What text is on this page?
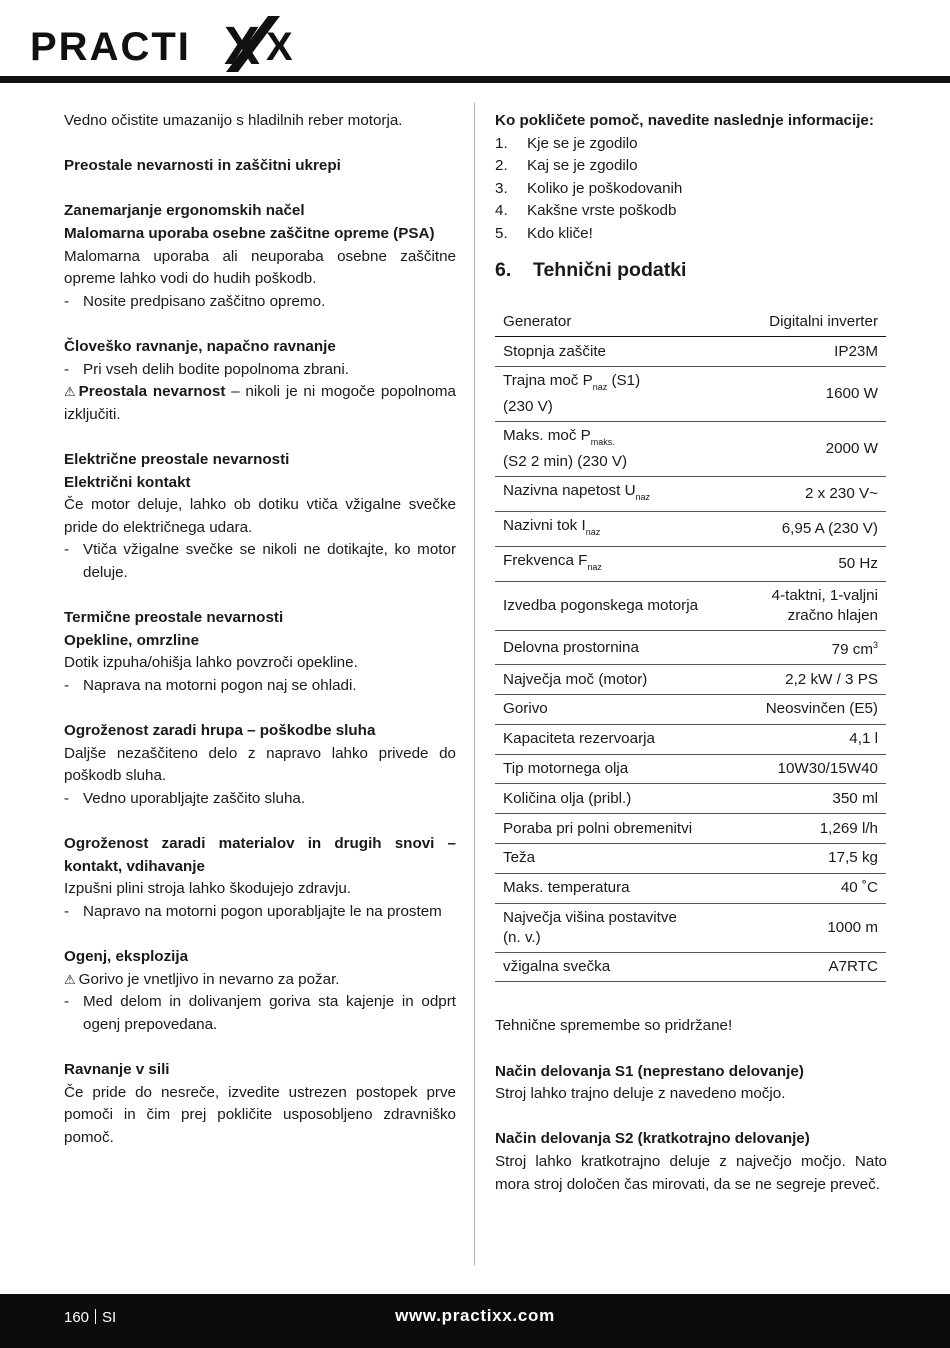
PRACTI X X
Vedno očistite umazanijo s hladilnih reber motorja.
Preostale nevarnosti in zaščitni ukrepi
Zanemarjanje ergonomskih načel
Malomarna uporaba osebne zaščitne opreme (PSA)
Malomarna uporaba ali neuporaba osebne zaščitne opreme lahko vodi do hudih poškodb.
- Nosite predpisano zaščitno opremo.
Človeško ravnanje, napačno ravnanje
- Pri vseh delih bodite popolnoma zbrani.
⚠ Preostala nevarnost – nikoli je ni mogoče popolnoma izključiti.
Električne preostale nevarnosti
Električni kontakt
Če motor deluje, lahko ob dotiku vtiča vžigalne svečke pride do električnega udara.
- Vtiča vžigalne svečke se nikoli ne dotikajte, ko motor deluje.
Termične preostale nevarnosti
Opekline, omrzline
Dotik izpuha/ohišja lahko povzroči opekline.
- Naprava na motorni pogon naj se ohladi.
Ogroženost zaradi hrupa – poškodbe sluha
Daljše nezaščiteno delo z napravo lahko privede do poškodb sluha.
- Vedno uporabljajte zaščito sluha.
Ogroženost zaradi materialov in drugih snovi – kontakt, vdihavanje
Izpušni plini stroja lahko škodujejo zdravju.
- Napravo na motorni pogon uporabljajte le na prostem
Ogenj, eksplozija
⚠ Gorivo je vnetljivo in nevarno za požar.
- Med delom in dolivanjem goriva sta kajenje in odprt ogenj prepovedana.
Ravnanje v sili
Če pride do nesreče, izvedite ustrezen postopek prve pomoči in čim prej pokličite usposobljeno zdravniško pomoč.
Ko pokličete pomoč, navedite naslednje informacije:
1.	Kje se je zgodilo
2.	Kaj se je zgodilo
3.	Koliko je poškodovanih
4.	Kakšne vrste poškodb
5.	Kdo kliče!
6.	Tehnični podatki
Generator	Digitalni inverter
Stopnja zaščite	IP23M
Trajna moč $P_{naz}$ (S1)
(230 V)	1600 W
Maks. moč $P_{maks.}$
(S2 2 min) (230 V)	2000 W
Nazivna napetost $U_{naz}$	2 x 230 V~
Nazivni tok $I_{naz}$	6,95 A (230 V)
Frekvenca $F_{naz}$	50 Hz
Izvedba pogonskega motorja	4-taktni, 1-valjni
zračno hlajen
Delovna prostornina	79 $cm^3$
Največja moč (motor)	2,2 kW / 3 PS
Gorivo	Neosvinčen (E5)
Kapaciteta rezervoarja	4,1 l
Tip motornega olja	10W30/15W40
Količina olja (pribl.)	350 ml
Poraba pri polni obremenitvi	1,269 l/h
Teža	17,5 kg
Maks. temperatura	40 ˚C
Največja višina postavitve
(n. v.)	1000 m
vžigalna svečka	A7RTC
Tehnične spremembe so pridržane!
Način delovanja S1 (neprestano delovanje)
Stroj lahko trajno deluje z navedeno močjo.
Način delovanja S2 (kratkotrajno delovanje)
Stroj lahko kratkotrajno deluje z največjo močjo. Nato mora stroj določen čas mirovati, da se ne segreje preveč.
160 SI	www.practixx.com
